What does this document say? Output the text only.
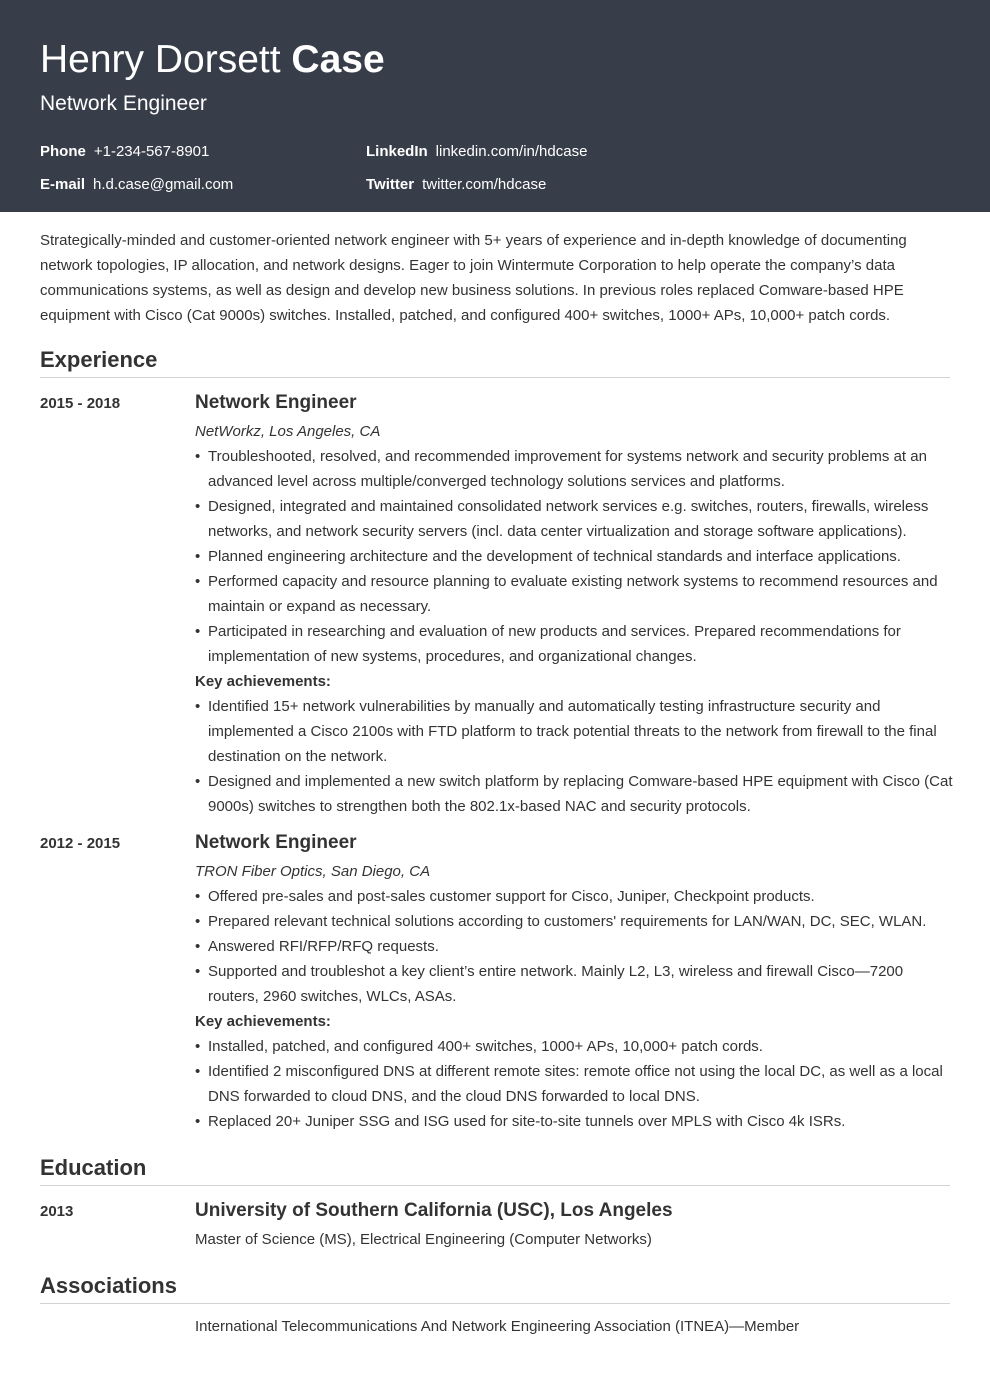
Henry Dorsett Case
Network Engineer
Phone +1-234-567-8901	LinkedIn linkedin.com/in/hdcase
E-mail h.d.case@gmail.com	Twitter twitter.com/hdcase

Strategically-minded and customer-oriented network engineer with 5+ years of experience and in-depth knowledge of documenting network topologies, IP allocation, and network designs. Eager to join Wintermute Corporation to help operate the company’s data communications systems, as well as design and develop new business solutions. In previous roles replaced Comware-based HPE equipment with Cisco (Cat 9000s) switches. Installed, patched, and configured 400+ switches, 1000+ APs, 10,000+ patch cords.

Experience
2015 - 2018	Network Engineer
NetWorkz, Los Angeles, CA
• Troubleshooted, resolved, and recommended improvement for systems network and security problems at an advanced level across multiple/converged technology solutions services and platforms.
• Designed, integrated and maintained consolidated network services e.g. switches, routers, firewalls, wireless networks, and network security servers (incl. data center virtualization and storage software applications).
• Planned engineering architecture and the development of technical standards and interface applications.
• Performed capacity and resource planning to evaluate existing network systems to recommend resources and maintain or expand as necessary.
• Participated in researching and evaluation of new products and services. Prepared recommendations for implementation of new systems, procedures, and organizational changes.
Key achievements:
• Identified 15+ network vulnerabilities by manually and automatically testing infrastructure security and implemented a Cisco 2100s with FTD platform to track potential threats to the network from firewall to the final destination on the network.
• Designed and implemented a new switch platform by replacing Comware-based HPE equipment with Cisco (Cat 9000s) switches to strengthen both the 802.1x-based NAC and security protocols.
2012 - 2015	Network Engineer
TRON Fiber Optics, San Diego, CA
• Offered pre-sales and post-sales customer support for Cisco, Juniper, Checkpoint products.
• Prepared relevant technical solutions according to customers' requirements for LAN/WAN, DC, SEC, WLAN.
• Answered RFI/RFP/RFQ requests.
• Supported and troubleshot a key client’s entire network. Mainly L2, L3, wireless and firewall Cisco—7200 routers, 2960 switches, WLCs, ASAs.
Key achievements:
• Installed, patched, and configured 400+ switches, 1000+ APs, 10,000+ patch cords.
• Identified 2 misconfigured DNS at different remote sites: remote office not using the local DC, as well as a local DNS forwarded to cloud DNS, and the cloud DNS forwarded to local DNS.
• Replaced 20+ Juniper SSG and ISG used for site-to-site tunnels over MPLS with Cisco 4k ISRs.
Education
2013	University of Southern California (USC), Los Angeles
Master of Science (MS), Electrical Engineering (Computer Networks)
Associations
International Telecommunications And Network Engineering Association (ITNEA)—Member
